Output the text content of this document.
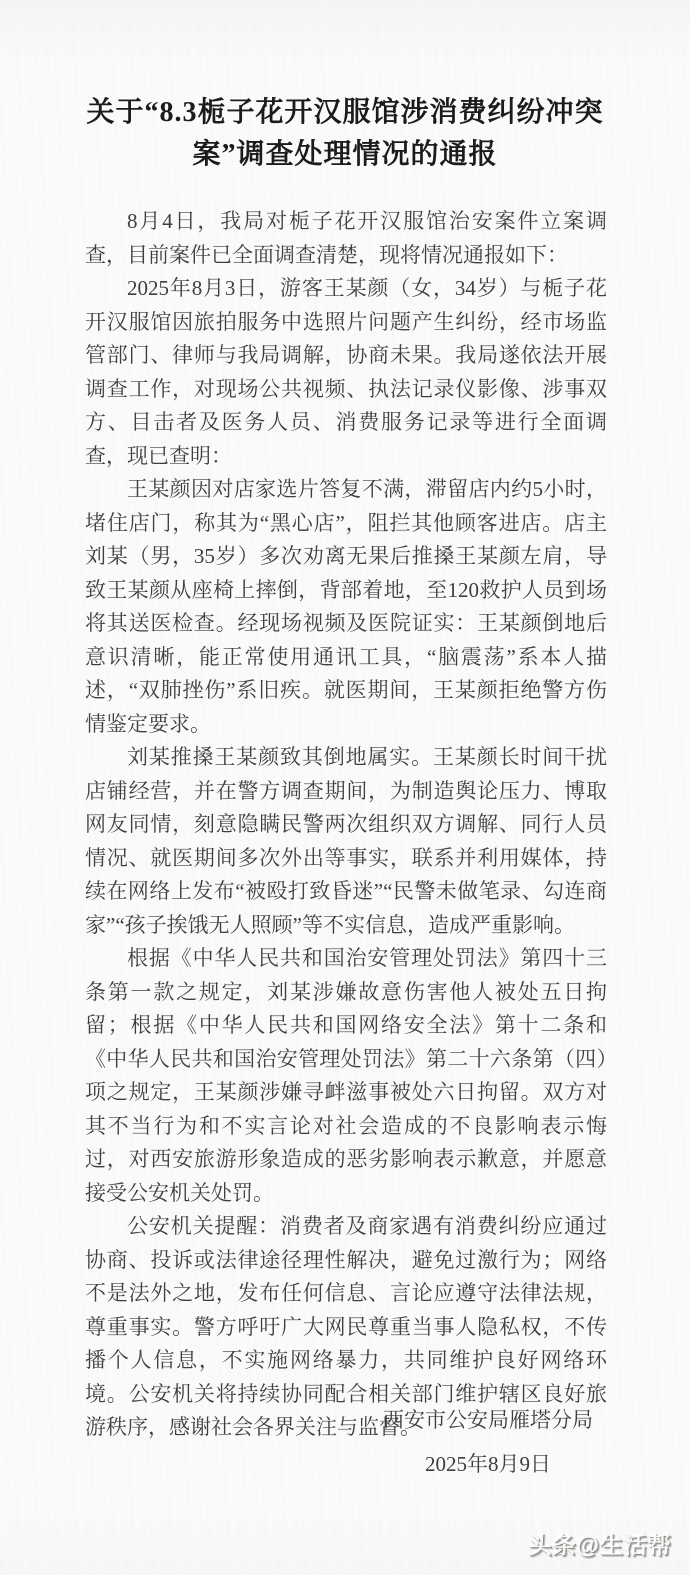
关于“8.3栀子花开汉服馆涉消费纠纷冲突
案”调查处理情况的通报

8月4日，我局对栀子花开汉服馆治安案件立案调查，目前案件已全面调查清楚，现将情况通报如下：

2025年8月3日，游客王某颜（女，34岁）与栀子花开汉服馆因旅拍服务中选照片问题产生纠纷，经市场监管部门、律师与我局调解，协商未果。我局遂依法开展调查工作，对现场公共视频、执法记录仪影像、涉事双方、目击者及医务人员、消费服务记录等进行全面调查，现已查明：

王某颜因对店家选片答复不满，滞留店内约5小时，堵住店门，称其为“黑心店”，阻拦其他顾客进店。店主刘某（男，35岁）多次劝离无果后推搡王某颜左肩，导致王某颜从座椅上摔倒，背部着地，至120救护人员到场将其送医检查。经现场视频及医院证实：王某颜倒地后意识清晰，能正常使用通讯工具，“脑震荡”系本人描述，“双肺挫伤”系旧疾。就医期间，王某颜拒绝警方伤情鉴定要求。

刘某推搡王某颜致其倒地属实。王某颜长时间干扰店铺经营，并在警方调查期间，为制造舆论压力、博取网友同情，刻意隐瞒民警两次组织双方调解、同行人员情况、就医期间多次外出等事实，联系并利用媒体，持续在网络上发布“被殴打致昏迷”“民警未做笔录、勾连商家”“孩子挨饿无人照顾”等不实信息，造成严重影响。

根据《中华人民共和国治安管理处罚法》第四十三条第一款之规定，刘某涉嫌故意伤害他人被处五日拘留；根据《中华人民共和国网络安全法》第十二条和《中华人民共和国治安管理处罚法》第二十六条第（四）项之规定，王某颜涉嫌寻衅滋事被处六日拘留。双方对其不当行为和不实言论对社会造成的不良影响表示悔过，对西安旅游形象造成的恶劣影响表示歉意，并愿意接受公安机关处罚。

公安机关提醒：消费者及商家遇有消费纠纷应通过协商、投诉或法律途径理性解决，避免过激行为；网络不是法外之地，发布任何信息、言论应遵守法律法规，尊重事实。警方呼吁广大网民尊重当事人隐私权，不传播个人信息，不实施网络暴力，共同维护良好网络环境。公安机关将持续协同配合相关部门维护辖区良好旅游秩序，感谢社会各界关注与监督。

西安市公安局雁塔分局
2025年8月9日
头条@生活帮
